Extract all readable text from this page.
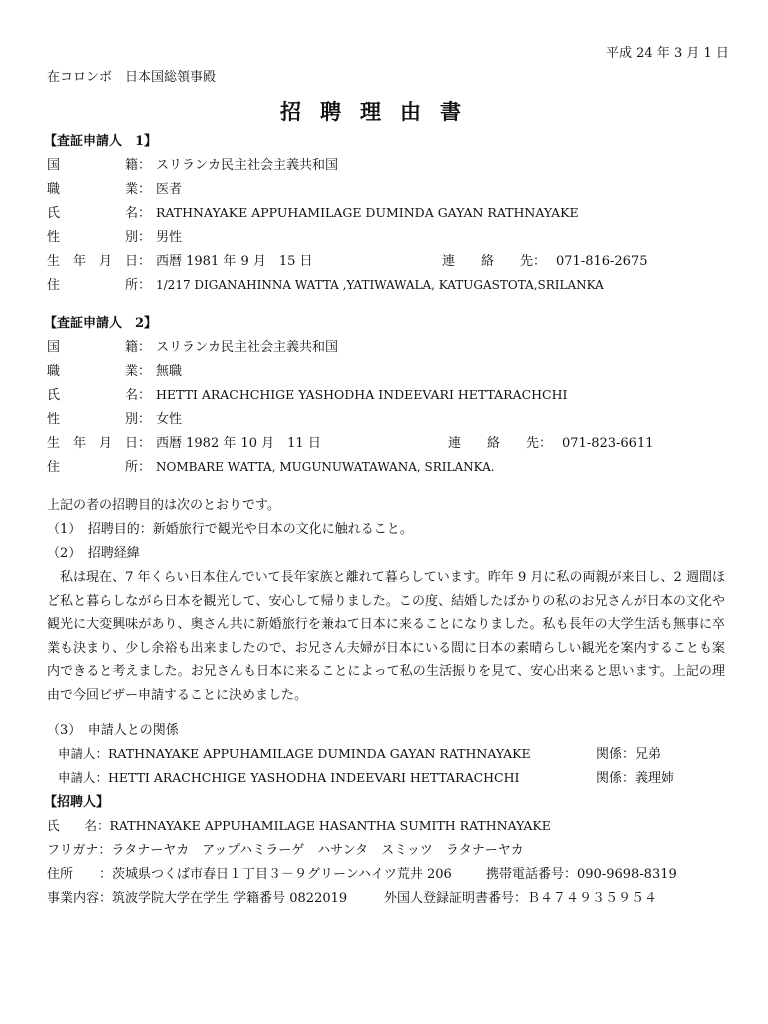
平成 24 年 3 月 1 日
在コロンボ　日本国総領事殿
招聘理由書
【査証申請人　1】
国　　　　　籍： スリランカ民主社会主義共和国
職　　　　　業： 医者
氏　　　　　名： RATHNAYAKE APPUHAMILAGE DUMINDA GAYAN RATHNAYAKE
性　　　　　別： 男性
生　年　月　日： 西暦 1981 年 9 月　15 日	連　　絡　　先： 071-816-2675
住　　　　　所： 1/217 DIGANAHINNA WATTA ,YATIWAWALA, KATUGASTOTA,SRILANKA
【査証申請人　2】
国　　　　　籍： スリランカ民主社会主義共和国
職　　　　　業： 無職
氏　　　　　名： HETTI ARACHCHIGE YASHODHA INDEEVARI HETTARACHCHI
性　　　　　別： 女性
生　年　月　日： 西暦 1982 年 10 月　11 日	連　　絡　　先： 071-823-6611
住　　　　　所： NOMBARE WATTA, MUGUNUWATAWANA, SRILANKA.
上記の者の招聘目的は次のとおりです。
（1）　招聘目的：新婚旅行で観光や日本の文化に触れること。
（2）　招聘経緯
　私は現在、7 年くらい日本住んでいて長年家族と離れて暮らしています。昨年 9 月に私の両親が来日し、2 週間ほど私と暮らしながら日本を観光して、安心して帰りました。この度、結婚したばかりの私のお兄さんが日本の文化や観光に大変興味があり、奥さん共に新婚旅行を兼ねて日本に来ることになりました。私も長年の大学生活も無事に卒業も決まり、少し余裕も出来ましたので、お兄さん夫婦が日本にいる間に日本の素晴らしい観光を案内することも案内できると考えました。お兄さんも日本に来ることによって私の生活振りを見て、安心出来ると思います。上記の理由で今回ビザー申請することに決めました。
（3）　申請人との関係
申請人：RATHNAYAKE APPUHAMILAGE DUMINDA GAYAN RATHNAYAKE	関係：兄弟
申請人：HETTI ARACHCHIGE YASHODHA INDEEVARI HETTARACHCHI	関係：義理姉
【招聘人】
氏　　名：RATHNAYAKE APPUHAMILAGE HASANTHA SUMITH RATHNAYAKE
フリガナ：ラタナーヤカ　アップハミラーゲ　ハサンタ　スミッツ　ラタナーヤカ
住所　　：茨城県つくば市春日１丁目３－９グリーンハイツ荒井 206	携帯電話番号：090-9698-8319
事業内容：筑波学院大学在学生 学籍番号 0822019	外国人登録証明書番号：Ｂ４７４９３５９５４
